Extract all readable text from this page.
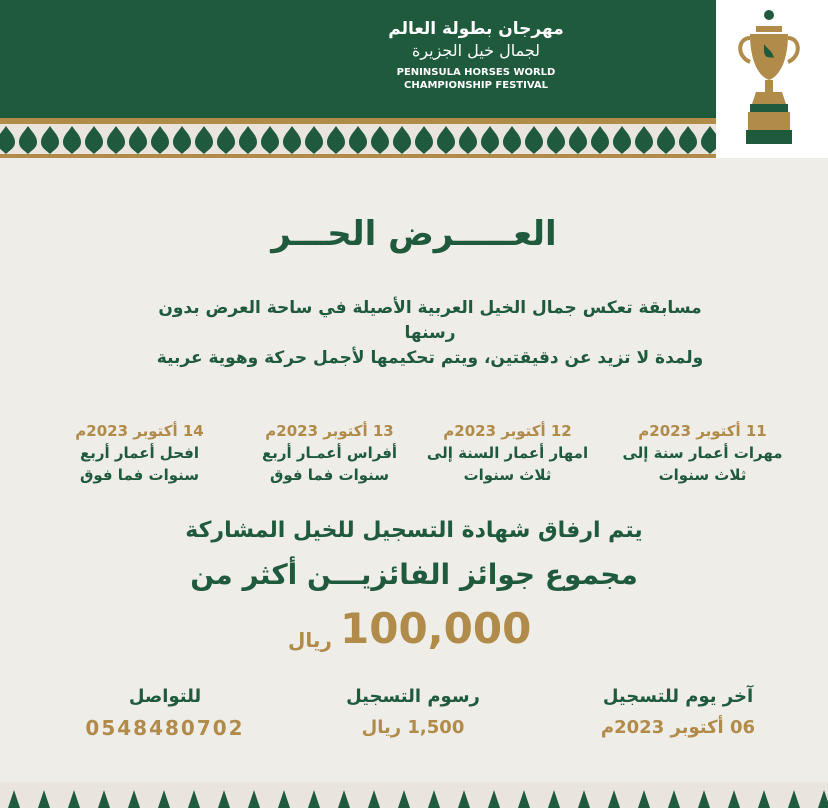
مهرجان بطولة العالم
لجمال خيل الجزيرة
PENINSULA HORSES WORLD
CHAMPIONSHIP FESTIVAL
العـــــرض الحـــر
مسابقة تعكس جمال الخيل العربية الأصيلة في ساحة العرض بدون رسنها
ولمدة لا تزيد عن دقيقتين، ويتم تحكيمها لأجمل حركة وهوية عربية
11 أكتوبر 2023م
مهرات أعمار سنة إلى
ثلاث سنوات
12 أكتوبر 2023م
امهار أعمار السنة إلى
ثلاث سنوات
13 أكتوبر 2023م
أفراس أعمـار أربع
سنوات فما فوق
14 أكتوبر 2023م
افحل أعمار أربع
سنوات فما فوق
يتم ارفاق شهادة التسجيل للخيل المشاركة
مجموع جوائز الفائزيـــن أكثر من
ريال 100,000
آخر يوم للتسجيل
06 أكتوبر 2023م
رسوم التسجيل
1,500 ريال
للتواصل
0548480702
